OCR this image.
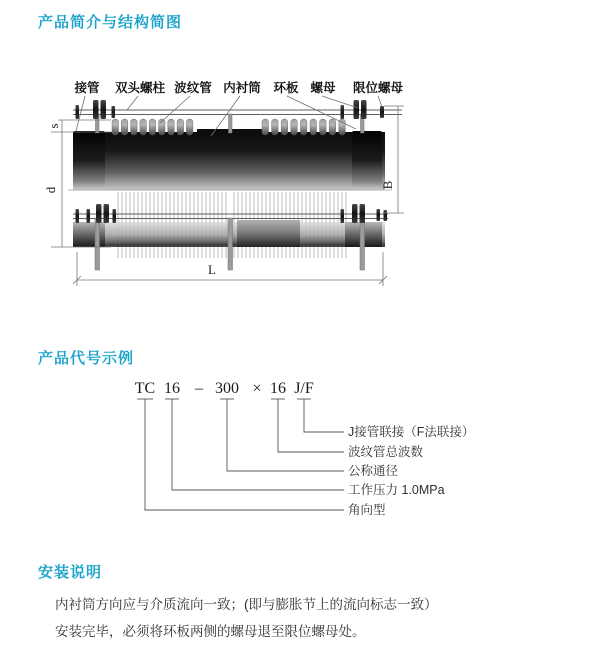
产品简介与结构简图
接管 双头螺柱 波纹管 内衬筒 环板 螺母 限位螺母
s
d
B
L
产品代号示例
TC 16 – 300 × 16 J/F
J接管联接（F法联接）
波纹管总波数
公称通径
工作压力 1.0MPa
角向型
安装说明
内衬筒方向应与介质流向一致；(即与膨胀节上的流向标志一致）
安装完毕，必须将环板两侧的螺母退至限位螺母处。
